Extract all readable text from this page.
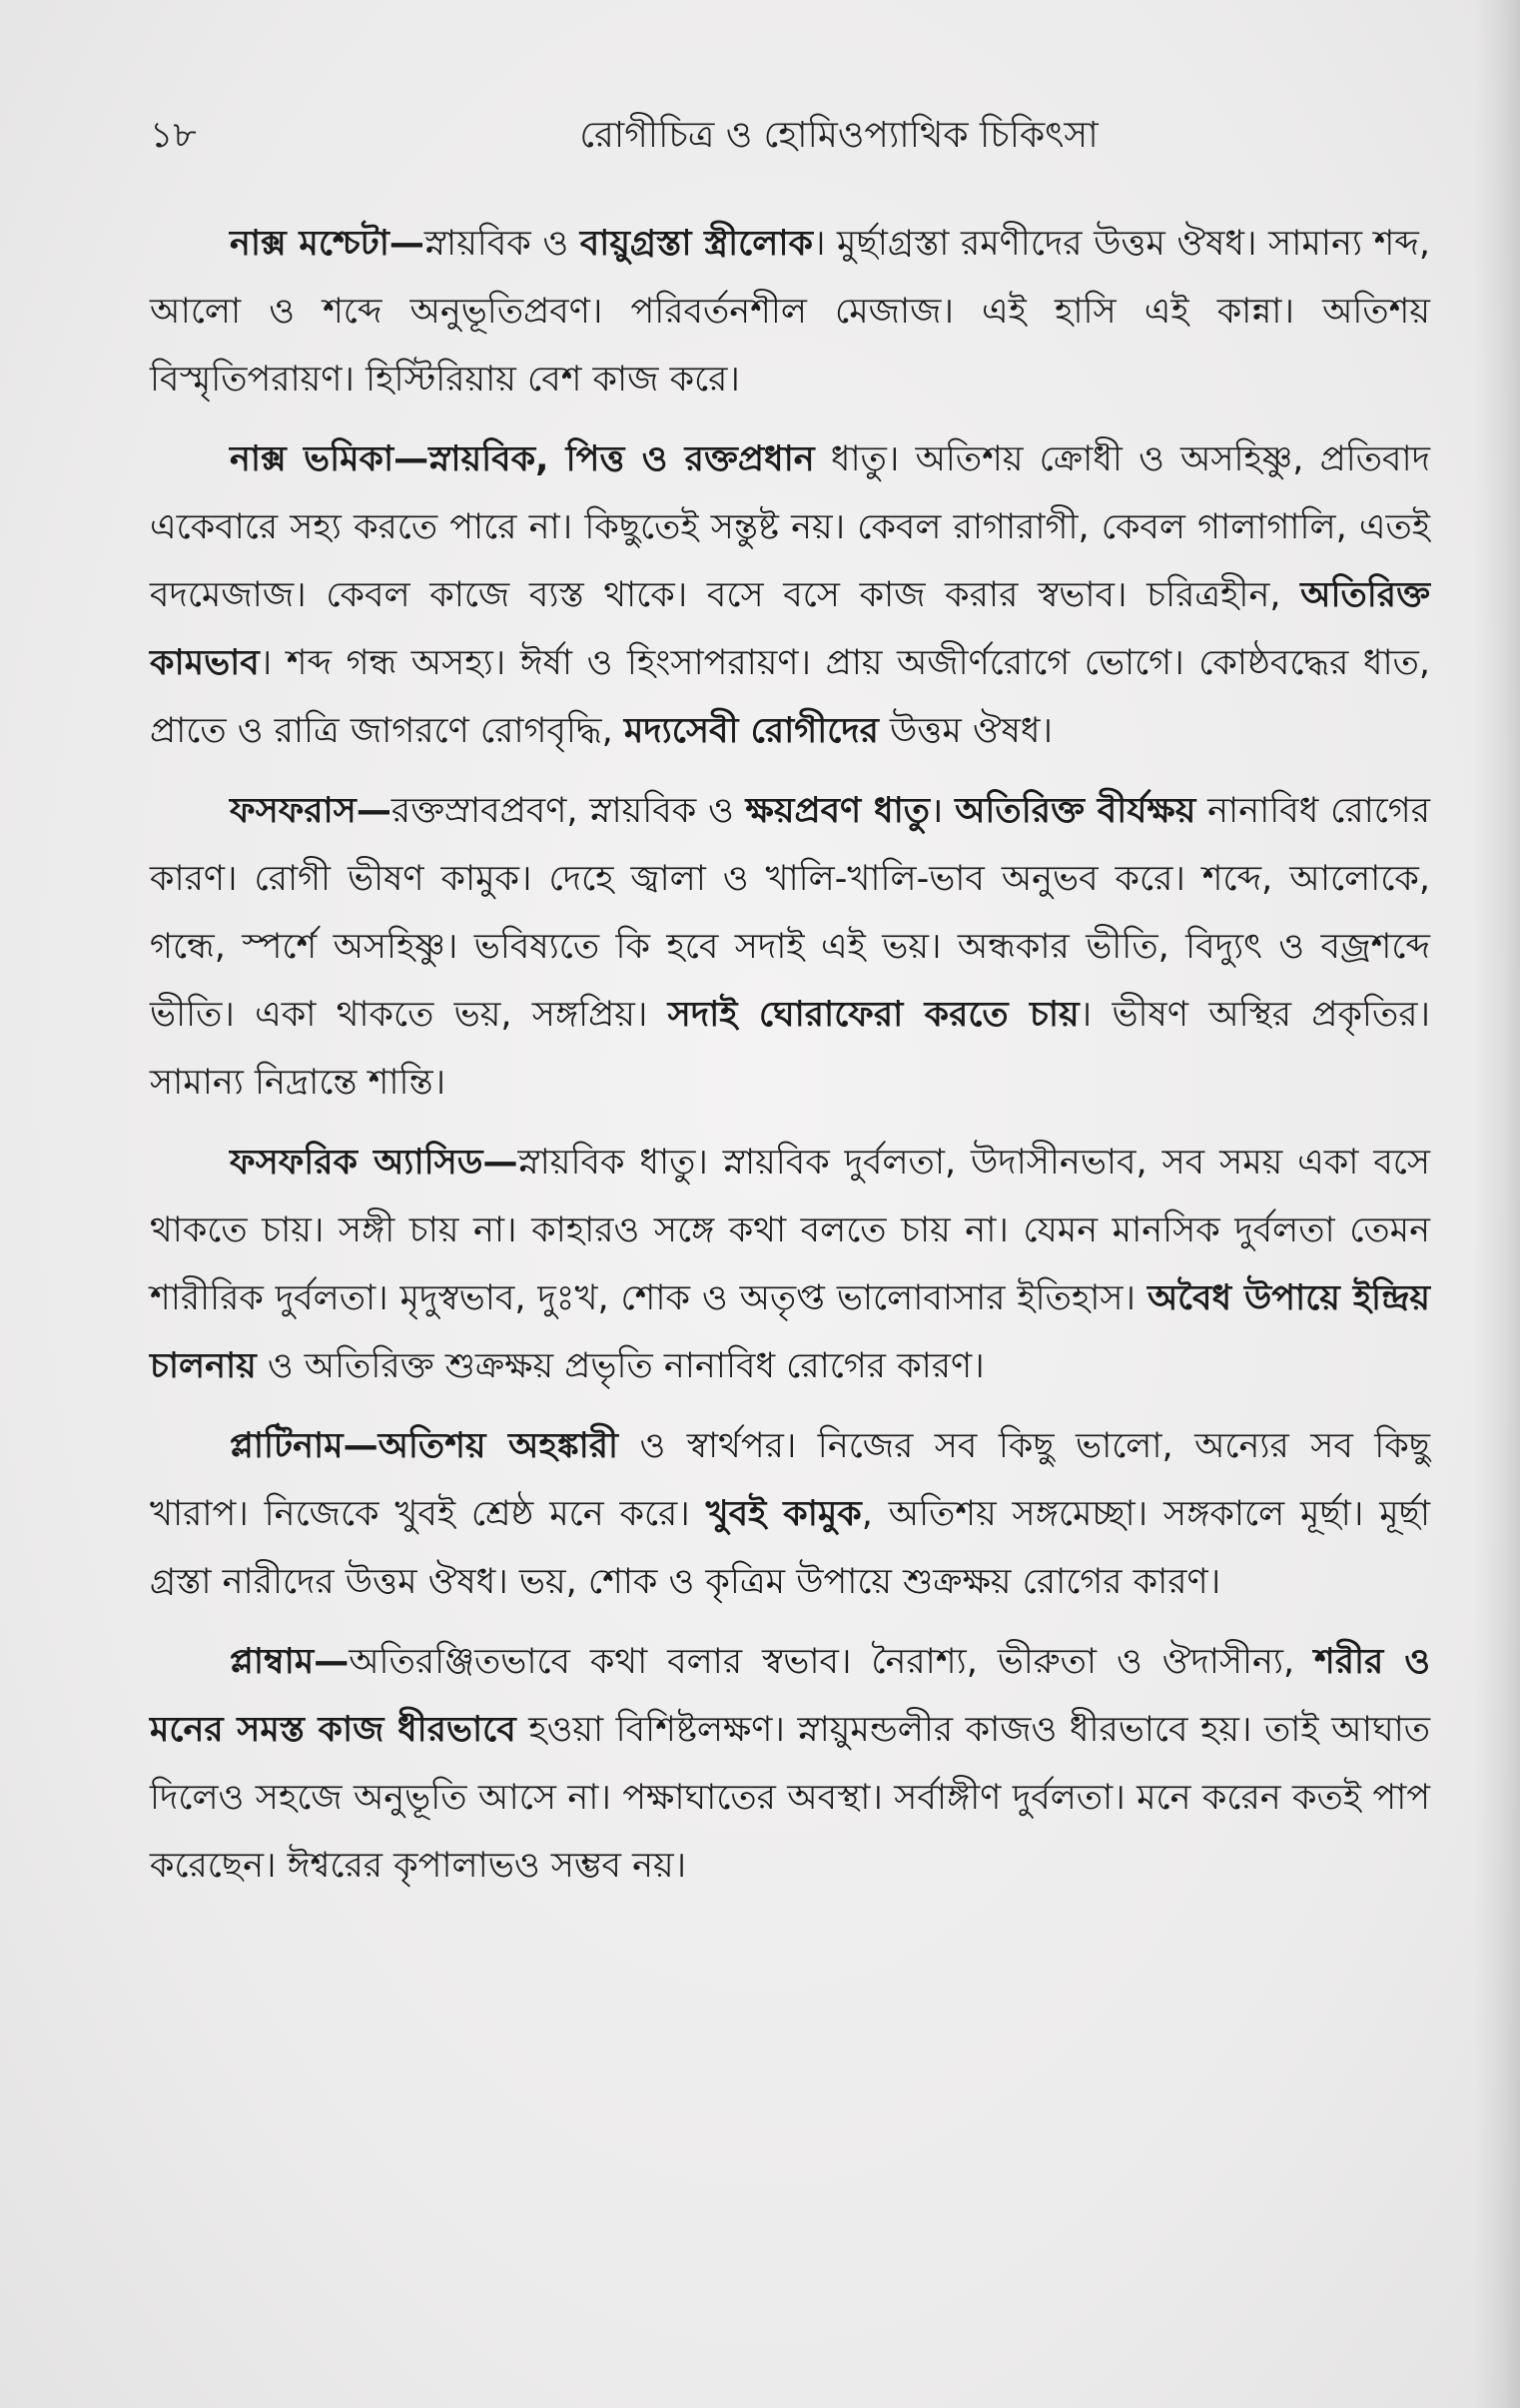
১৮	রোগীচিত্র ও হোমিওপ্যাথিক চিকিৎসা

নাক্স মশ্চেটা—স্নায়বিক ও বায়ুগ্রস্তা স্ত্রীলোক। মুর্ছাগ্রস্তা রমণীদের উত্তম ঔষধ। সামান্য শব্দ, আলো ও শব্দে অনুভূতিপ্রবণ। পরিবর্তনশীল মেজাজ। এই হাসি এই কান্না। অতিশয় বিস্মৃতিপরায়ণ। হিস্টিরিয়ায় বেশ কাজ করে।

নাক্স ভমিকা—স্নায়বিক, পিত্ত ও রক্তপ্রধান ধাতু। অতিশয় ক্রোধী ও অসহিষ্ণু, প্রতিবাদ একেবারে সহ্য করতে পারে না। কিছুতেই সন্তুষ্ট নয়। কেবল রাগারাগী, কেবল গালাগালি, এতই বদমেজাজ। কেবল কাজে ব্যস্ত থাকে। বসে বসে কাজ করার স্বভাব। চরিত্রহীন, অতিরিক্ত কামভাব। শব্দ গন্ধ অসহ্য। ঈর্ষা ও হিংসাপরায়ণ। প্রায় অজীর্ণরোগে ভোগে। কোষ্ঠবদ্ধের ধাত, প্রাতে ও রাত্রি জাগরণে রোগবৃদ্ধি, মদ্যসেবী রোগীদের উত্তম ঔষধ।

ফসফরাস—রক্তস্রাবপ্রবণ, স্নায়বিক ও ক্ষয়প্রবণ ধাতু। অতিরিক্ত বীর্যক্ষয় নানাবিধ রোগের কারণ। রোগী ভীষণ কামুক। দেহে জ্বালা ও খালি-খালি-ভাব অনুভব করে। শব্দে, আলোকে, গন্ধে, স্পর্শে অসহিষ্ণু। ভবিষ্যতে কি হবে সদাই এই ভয়। অন্ধকার ভীতি, বিদ্যুৎ ও বজ্রশব্দে ভীতি। একা থাকতে ভয়, সঙ্গপ্রিয়। সদাই ঘোরাফেরা করতে চায়। ভীষণ অস্থির প্রকৃতির। সামান্য নিদ্রান্তে শান্তি।

ফসফরিক অ্যাসিড—স্নায়বিক ধাতু। স্নায়বিক দুর্বলতা, উদাসীনভাব, সব সময় একা বসে থাকতে চায়। সঙ্গী চায় না। কাহারও সঙ্গে কথা বলতে চায় না। যেমন মানসিক দুর্বলতা তেমন শারীরিক দুর্বলতা। মৃদুস্বভাব, দুঃখ, শোক ও অতৃপ্ত ভালোবাসার ইতিহাস। অবৈধ উপায়ে ইন্দ্রিয় চালনায় ও অতিরিক্ত শুক্রক্ষয় প্রভৃতি নানাবিধ রোগের কারণ।

প্লাটিনাম—অতিশয় অহঙ্কারী ও স্বার্থপর। নিজের সব কিছু ভালো, অন্যের সব কিছু খারাপ। নিজেকে খুবই শ্রেষ্ঠ মনে করে। খুবই কামুক, অতিশয় সঙ্গমেচ্ছা। সঙ্গকালে মূর্ছা। মূর্ছা গ্রস্তা নারীদের উত্তম ঔষধ। ভয়, শোক ও কৃত্রিম উপায়ে শুক্রক্ষয় রোগের কারণ।

প্লাম্বাম—অতিরঞ্জিতভাবে কথা বলার স্বভাব। নৈরাশ্য, ভীরুতা ও ঔদাসীন্য, শরীর ও মনের সমস্ত কাজ ধীরভাবে হওয়া বিশিষ্টলক্ষণ। স্নায়ুমন্ডলীর কাজও ধীরভাবে হয়। তাই আঘাত দিলেও সহজে অনুভূতি আসে না। পক্ষাঘাতের অবস্থা। সর্বাঙ্গীণ দুর্বলতা। মনে করেন কতই পাপ করেছেন। ঈশ্বরের কৃপালাভও সম্ভব নয়।
